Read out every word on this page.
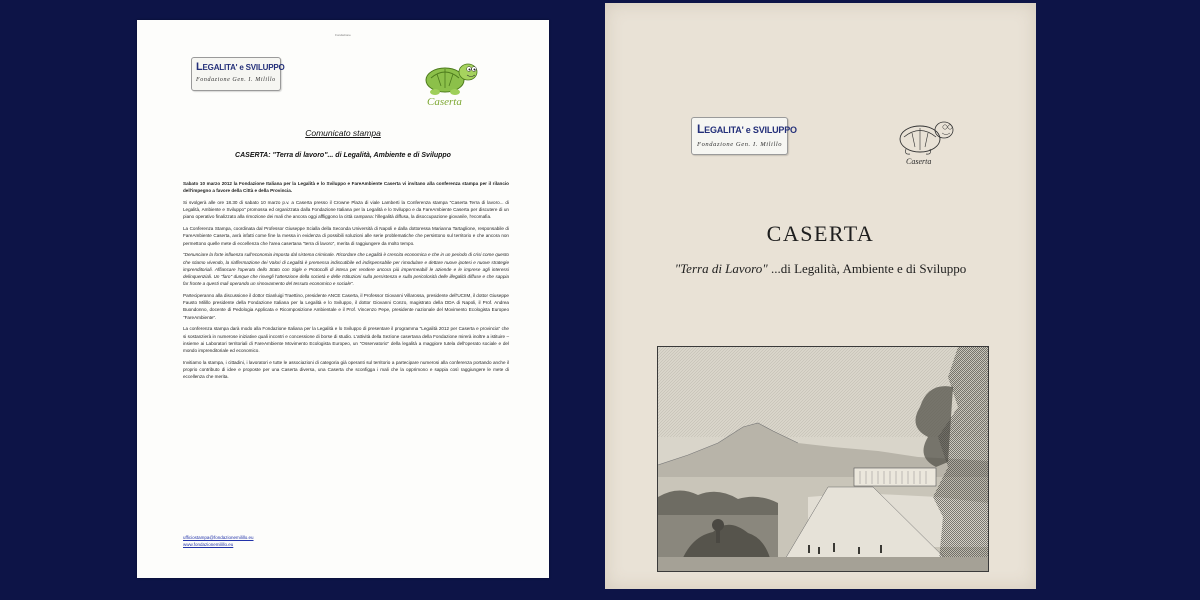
Fondazione
LEGALITA' e SVILUPPO
Fondazione Gen. I. Milillo
Caserta
Comunicato stampa
CASERTA: "Terra di lavoro"... di Legalità, Ambiente e di Sviluppo

Sabato 10 marzo 2012 la Fondazione Italiana per la Legalità e lo Sviluppo e FareAmbiente Caserta vi invitano alla conferenza stampa per il rilancio dell'impegno a favore della Città e della Provincia.

Si svolgerà alle ore 18.30 di sabato 10 marzo p.v. a Caserta presso il Crowne Plaza di viale Lamberti la Conferenza stampa "Caserta Terra di lavoro... di Legalità, Ambiente e Sviluppo" promossa ed organizzata dalla Fondazione Italiana per la Legalità e lo Sviluppo e da FareAmbiente Caserta per discutere di un piano operativo finalizzato alla rimozione dei mali che ancora oggi affliggono la città campana: l'illegalità diffusa, la disoccupazione giovanile, l'ecomafia.

La Conferenza Stampa, coordinata dal Professor Giuseppe Scialla della Seconda Università di Napoli e dalla dottoressa Marianna Tartaglione, responsabile di FareAmbiente Caserta, avrà infatti come fine la messa in evidenza di possibili soluzioni alle serie problematiche che persistono sul territorio e che ancora non permettono quelle mete di eccellenza che l'area casertana "terra di lavoro", merita di raggiungere da molto tempo.

"Denunciare la forte influenza sull'economia imposta dal sistema criminale. Ricordare che Legalità è crescita economica e che in un periodo di crisi come questo che stiamo vivendo, la riaffermazione dei Valori di Legalità è premessa indiscutibile ed indispensabile per rimodulare e dettare nuove ipotesi e nuove strategie imprenditoriali. Affiancare l'operato dello Stato con Sigle e Protocolli di intesa per rendere ancora più impermeabili le aziende e le imprese agli interessi delinquenziali. Un "faro" dunque che risvegli l'attenzione della società e delle Istituzioni sulla persistenza e sulla pericolosità delle illegalità diffuse e che sappia far fronte a questi mali operando un rinnovamento del tessuto economico e sociale".

Parteciperanno alla discussione il dottor Gianluigi Traettino, presidente ANCE Caserta, il Professor Giovanni Villarossa, presidente dell'UCIIM, il dottor Giuseppe Fausto Milillo presidente della Fondazione Italiana per la Legalità e lo Sviluppo, il dottor Giovanni Conzo, magistrato della DDA di Napoli, il Prof. Andrea Buondonno, docente di Pedologia Applicata e Ricomposizione Ambientale e il Prof. Vincenzo Pepe, presidente nazionale del Movimento Ecologista Europeo "FareAmbiente".

La conferenza stampa darà modo alla Fondazione Italiana per la Legalità e lo Sviluppo di presentare il programma "Legalità 2012 per Caserta e provincia" che si sostanzierà in numerose iniziative quali incontri e concessione di borse di studio. L'attività della Sezione casertana della Fondazione mirerà inoltre a istituire – insieme ai Laboratori territoriali di FareAmbiente Movimento Ecologista Europeo, un "Osservatorio" della legalità a maggiore tutela dell'operato sociale e del mondo imprenditoriale ed economico.

Invitiamo la stampa, i cittadini, i lavoratori e tutte le associazioni di categoria già operanti sul territorio a partecipare numerosi alla conferenza portando anche il proprio contributo di idee e proposte per una Caserta diversa, una Caserta che sconfigga i mali che la opprimono e sappia così raggiungere le mete di eccellenza che merita.

ufficiostampa@fondazionemilillo.eu
www.fondazionemilillo.eu
LEGALITA' e SVILUPPO
Fondazione Gen. I. Milillo
Caserta
CASERTA
"Terra di Lavoro" ...di Legalità, Ambiente e di Sviluppo
